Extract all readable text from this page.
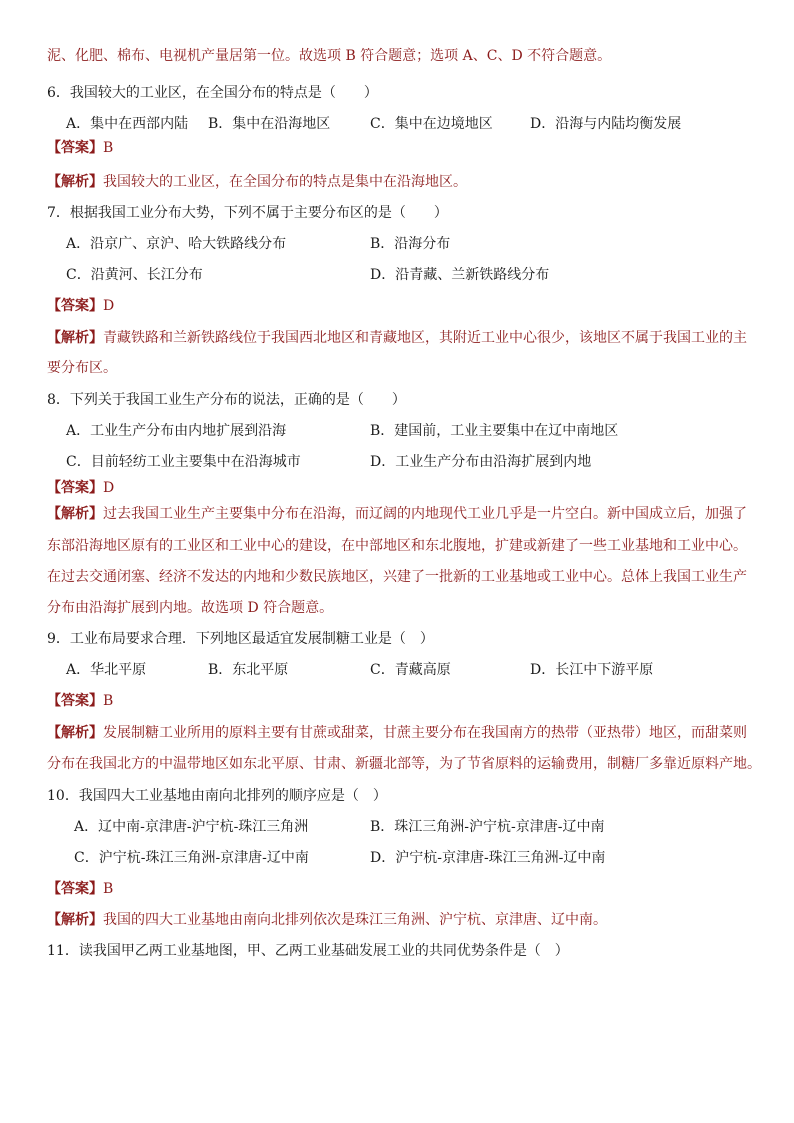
泥、化肥、棉布、电视机产量居第一位。故选项 B 符合题意；选项 A、C、D 不符合题意。
6．我国较大的工业区，在全国分布的特点是（　　）
A．集中在西部内陆 B．集中在沿海地区	C．集中在边境地区	D．沿海与内陆均衡发展
【答案】B
【解析】我国较大的工业区，在全国分布的特点是集中在沿海地区。
7．根据我国工业分布大势，下列不属于主要分布区的是（　　）
A．沿京广、京沪、哈大铁路线分布	B．沿海分布
C．沿黄河、长江分布	D．沿青藏、兰新铁路线分布
【答案】D
【解析】青藏铁路和兰新铁路线位于我国西北地区和青藏地区，其附近工业中心很少，该地区不属于我国工业的主
要分布区。
8．下列关于我国工业生产分布的说法，正确的是（　　）
A．工业生产分布由内地扩展到沿海	B．建国前，工业主要集中在辽中南地区
C．目前轻纺工业主要集中在沿海城市	D．工业生产分布由沿海扩展到内地
【答案】D
【解析】过去我国工业生产主要集中分布在沿海，而辽阔的内地现代工业几乎是一片空白。新中国成立后，加强了
东部沿海地区原有的工业区和工业中心的建设，在中部地区和东北腹地，扩建或新建了一些工业基地和工业中心。
在过去交通闭塞、经济不发达的内地和少数民族地区，兴建了一批新的工业基地或工业中心。总体上我国工业生产
分布由沿海扩展到内地。故选项 D 符合题意。
9．工业布局要求合理．下列地区最适宜发展制糖工业是（　）
A．华北平原	B．东北平原	C．青藏高原	D．长江中下游平原
【答案】B
【解析】发展制糖工业所用的原料主要有甘蔗或甜菜，甘蔗主要分布在我国南方的热带（亚热带）地区，而甜菜则
分布在我国北方的中温带地区如东北平原、甘肃、新疆北部等，为了节省原料的运输费用，制糖厂多靠近原料产地。
10．我国四大工业基地由南向北排列的顺序应是（　）
A．辽中南-京津唐-沪宁杭-珠江三角洲	B．珠江三角洲-沪宁杭-京津唐-辽中南
C．沪宁杭-珠江三角洲-京津唐-辽中南	D．沪宁杭-京津唐-珠江三角洲-辽中南
【答案】B
【解析】我国的四大工业基地由南向北排列依次是珠江三角洲、沪宁杭、京津唐、辽中南。
11．读我国甲乙两工业基地图，甲、乙两工业基础发展工业的共同优势条件是（　）
